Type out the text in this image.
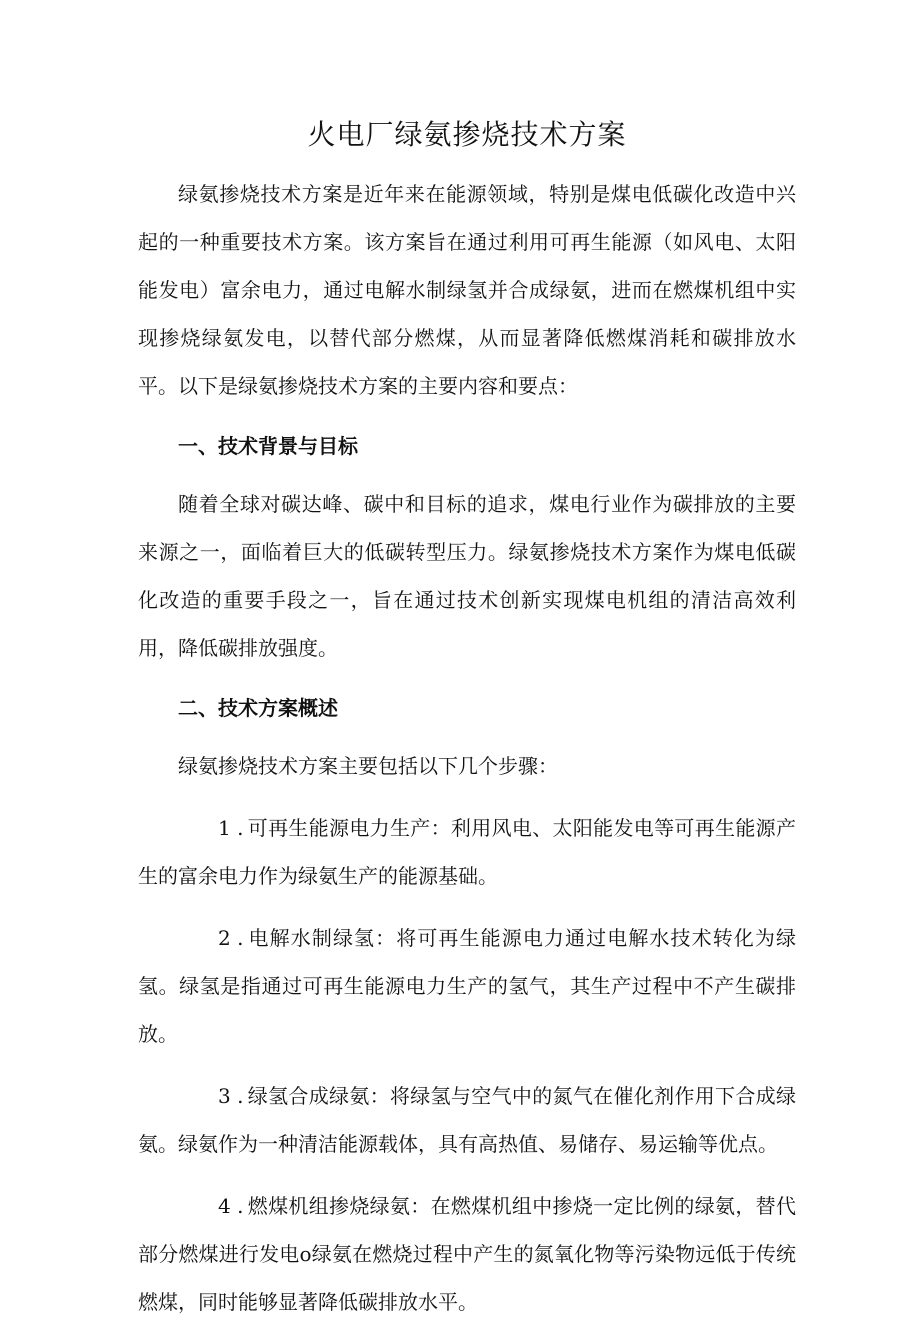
火电厂绿氨掺烧技术方案

绿氨掺烧技术方案是近年来在能源领域，特别是煤电低碳化改造中兴起的一种重要技术方案。该方案旨在通过利用可再生能源（如风电、太阳能发电）富余电力，通过电解水制绿氢并合成绿氨，进而在燃煤机组中实现掺烧绿氨发电，以替代部分燃煤，从而显著降低燃煤消耗和碳排放水平。以下是绿氨掺烧技术方案的主要内容和要点：

一、技术背景与目标

随着全球对碳达峰、碳中和目标的追求，煤电行业作为碳排放的主要来源之一，面临着巨大的低碳转型压力。绿氨掺烧技术方案作为煤电低碳化改造的重要手段之一，旨在通过技术创新实现煤电机组的清洁高效利用，降低碳排放强度。

二、技术方案概述

绿氨掺烧技术方案主要包括以下几个步骤：

1 . 可再生能源电力生产：利用风电、太阳能发电等可再生能源产生的富余电力作为绿氨生产的能源基础。

2 . 电解水制绿氢：将可再生能源电力通过电解水技术转化为绿氢。绿氢是指通过可再生能源电力生产的氢气，其生产过程中不产生碳排放。

3 . 绿氢合成绿氨：将绿氢与空气中的氮气在催化剂作用下合成绿氨。绿氨作为一种清洁能源载体，具有高热值、易储存、易运输等优点。

4 . 燃煤机组掺烧绿氨：在燃煤机组中掺烧一定比例的绿氨，替代部分燃煤进行发电o绿氨在燃烧过程中产生的氮氧化物等污染物远低于传统燃煤，同时能够显著降低碳排放水平。
